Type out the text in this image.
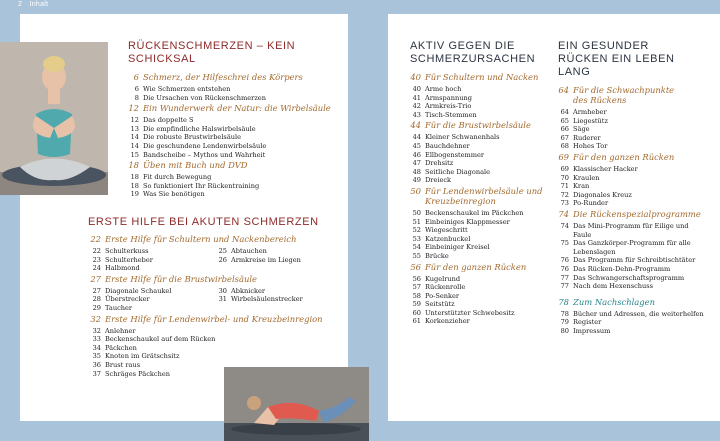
2 Inhalt
RÜCKENSCHMERZEN – KEIN SCHICKSAL
6 Schmerz, der Hilfeschrei des Körpers
6 Wie Schmerzen entstehen
8 Die Ursachen von Rückenschmerzen
12 Ein Wunderwerk der Natur: die Wirbelsäule
12 Das doppelte S
13 Die empfindliche Halswirbelsäule
14 Die robuste Brustwirbelsäule
14 Die geschundene Lendenwirbelsäule
15 Bandscheibe – Mythos und Wahrheit
18 Üben mit Buch und DVD
18 Fit durch Bewegung
18 So funktioniert Ihr Rückentraining
19 Was Sie benötigen
ERSTE HILFE BEI AKUTEN SCHMERZEN
22 Erste Hilfe für Schultern und Nackenbereich
22 Schulterkuss
23 Schulterheber
24 Halbmond
25 Abtauchen
26 Armkreise im Liegen
27 Erste Hilfe für die Brustwirbelsäule
27 Diagonale Schaukel
28 Überstrecker
29 Taucher
30 Abknicker
31 Wirbelsäulenstrecker
32 Erste Hilfe für Lendenwirbel- und Kreuzbeinregion
32 Anlehner
33 Beckenschaukel auf dem Rücken
34 Päckchen
35 Knoten im Grätschsitz
36 Brust raus
37 Schräges Päckchen
AKTIV GEGEN DIE SCHMERZURSACHEN
40 Für Schultern und Nacken
40 Arme hoch
41 Armspannung
42 Armkreis-Trio
43 Tisch-Stemmen
44 Für die Brustwirbelsäule
44 Kleiner Schwanenhals
45 Bauchdehner
46 Ellbogenstemmer
47 Drehsitz
48 Seitliche Diagonale
49 Dreieck
50 Für Lendenwirbelsäule und Kreuzbeinregion
50 Beckenschaukel im Päckchen
51 Einbeiniges Klappmesser
52 Wiegeschritt
53 Katzenbuckel
54 Einbeiniger Kreisel
55 Brücke
56 Für den ganzen Rücken
56 Kugelrund
57 Rückenrolle
58 Po-Senker
59 Seitstütz
60 Unterstützter Schwebesitz
61 Korkenzieher
EIN GESUNDER RÜCKEN EIN LEBEN LANG
64 Für die Schwachpunkte des Rückens
64 Armheber
65 Liegestütz
66 Säge
67 Ruderer
68 Hohes Tor
69 Für den ganzen Rücken
69 Klassischer Hacker
70 Kraulen
71 Kran
72 Diagonales Kreuz
73 Po-Runder
74 Die Rückenspezialprogramme
74 Das Mini-Programm für Eilige und Faule
75 Das Ganzkörper-Programm für alle Lebenslagen
76 Das Programm für Schreibtischtäter
76 Das Rücken-Dehn-Programm
77 Das Schwangerschaftsprogramm
77 Nach dem Hexenschuss
78 Zum Nachschlagen
78 Bücher und Adressen, die weiterhelfen
79 Register
80 Impressum
